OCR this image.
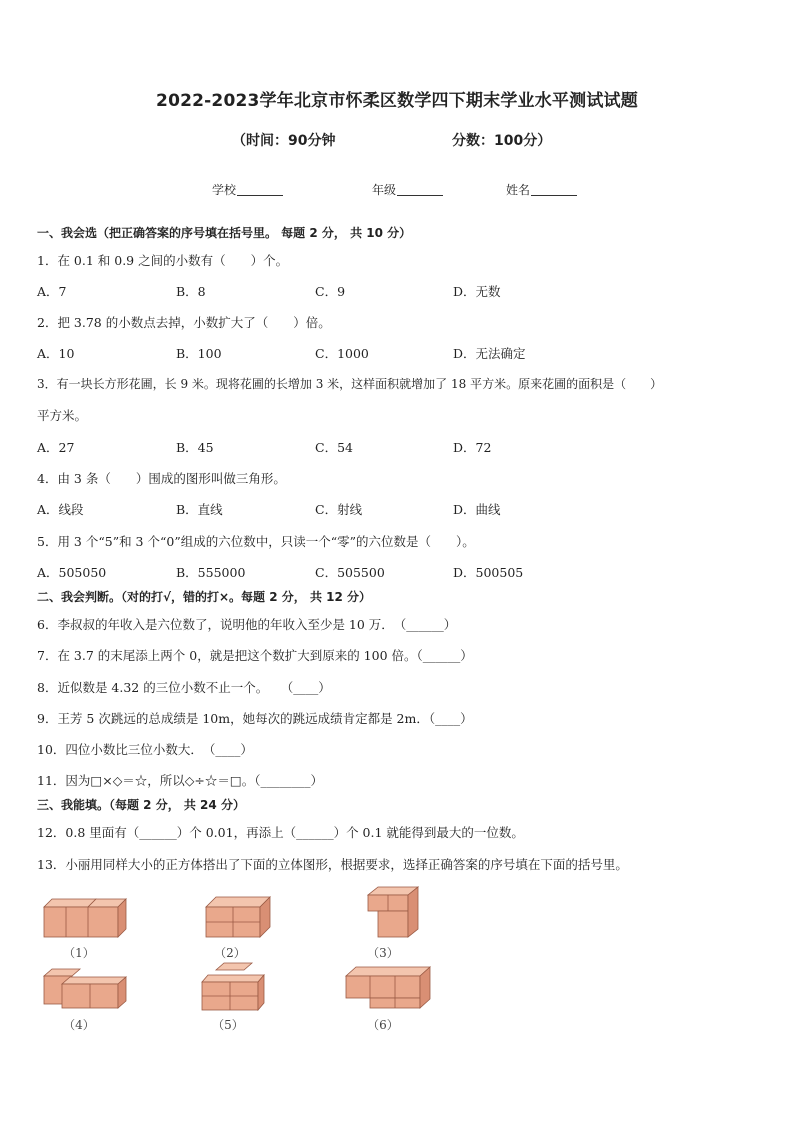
2022-2023学年北京市怀柔区数学四下期末学业水平测试试题
（时间：90分钟	分数：100分）
学校	年级	姓名
一、我会选（把正确答案的序号填在括号里。 每题 2 分， 共 10 分）
1．在 0.1 和 0.9 之间的小数有（　　）个。
A．7	B．8	C．9	D．无数
2．把 3.78 的小数点去掉，小数扩大了（　　）倍。
A．10	B．100	C．1000	D．无法确定
3．有一块长方形花圃，长 9 米。现将花圃的长增加 3 米，这样面积就增加了 18 平方米。原来花圃的面积是（　　）
平方米。
A．27	B．45	C．54	D．72
4．由 3 条（　　）围成的图形叫做三角形。
A．线段	B．直线	C．射线	D．曲线
5．用 3 个“5”和 3 个“0”组成的六位数中，只读一个“零”的六位数是（　　）。
A．505050	B．555000	C．505500	D．500505
二、我会判断。（对的打√，错的打×。每题 2 分， 共 12 分）
6．李叔叔的年收入是六位数了，说明他的年收入至少是 10 万．　（______）
7．在 3.7 的末尾添上两个 0，就是把这个数扩大到原来的 100 倍。（______）
8．近似数是 4.32 的三位小数不止一个。　　（____）
9．王芳 5 次跳远的总成绩是 10m，她每次的跳远成绩肯定都是 2m．（____）
10．四位小数比三位小数大．　（____）
11．因为□×◇＝☆，所以◇÷☆＝□。（________）
三、我能填。（每题 2 分， 共 24 分）
12．0.8 里面有（______）个 0.01，再添上（______）个 0.1 就能得到最大的一位数。
13．小丽用同样大小的正方体搭出了下面的立体图形，根据要求，选择正确答案的序号填在下面的括号里。
（1）	（2）	（3）
（4）	（5）	（6）
